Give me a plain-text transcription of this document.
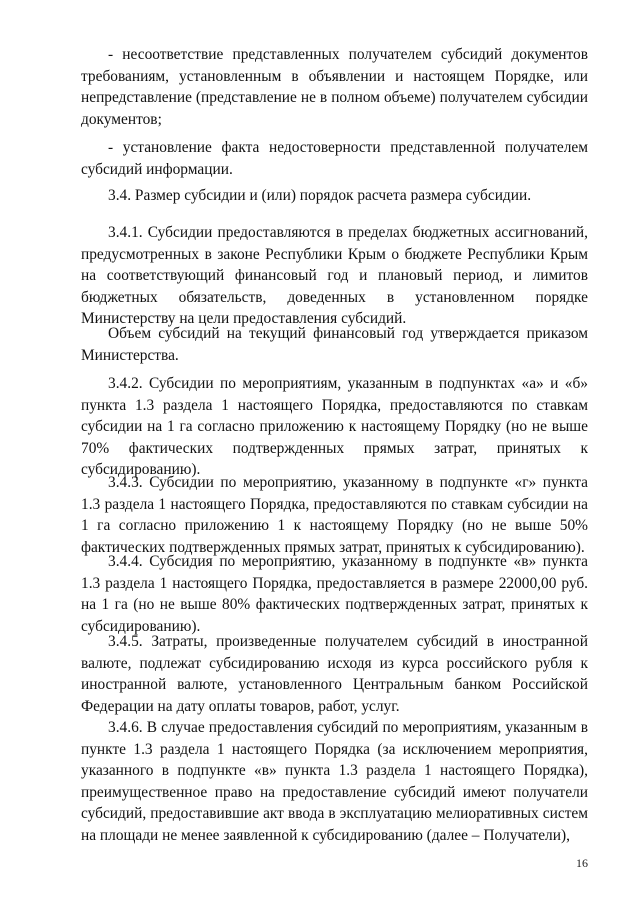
- несоответствие представленных получателем субсидий документов требованиям, установленным в объявлении и настоящем Порядке, или непредставление (представление не в полном объеме) получателем субсидии документов;

- установление факта недостоверности представленной получателем субсидий информации.

3.4. Размер субсидии и (или) порядок расчета размера субсидии.

3.4.1. Субсидии предоставляются в пределах бюджетных ассигнований, предусмотренных в законе Республики Крым о бюджете Республики Крым на соответствующий финансовый год и плановый период, и лимитов бюджетных обязательств, доведенных в установленном порядке Министерству на цели предоставления субсидий.

Объем субсидий на текущий финансовый год утверждается приказом Министерства.

3.4.2. Субсидии по мероприятиям, указанным в подпунктах «а» и «б» пункта 1.3 раздела 1 настоящего Порядка, предоставляются по ставкам субсидии на 1 га согласно приложению к настоящему Порядку (но не выше 70% фактических подтвержденных прямых затрат, принятых к субсидированию).

3.4.3. Субсидии по мероприятию, указанному в подпункте «г» пункта 1.3 раздела 1 настоящего Порядка, предоставляются по ставкам субсидии на 1 га согласно приложению 1 к настоящему Порядку (но не выше 50% фактических подтвержденных прямых затрат, принятых к субсидированию).

3.4.4. Субсидия по мероприятию, указанному в подпункте «в» пункта 1.3 раздела 1 настоящего Порядка, предоставляется в размере 22000,00 руб. на 1 га (но не выше 80% фактических подтвержденных затрат, принятых к субсидированию).

3.4.5. Затраты, произведенные получателем субсидий в иностранной валюте, подлежат субсидированию исходя из курса российского рубля к иностранной валюте, установленного Центральным банком Российской Федерации на дату оплаты товаров, работ, услуг.

3.4.6. В случае предоставления субсидий по мероприятиям, указанным в пункте 1.3 раздела 1 настоящего Порядка (за исключением мероприятия, указанного в подпункте «в» пункта 1.3 раздела 1 настоящего Порядка), преимущественное право на предоставление субсидий имеют получатели субсидий, предоставившие акт ввода в эксплуатацию мелиоративных систем на площади не менее заявленной к субсидированию (далее – Получатели),

16
